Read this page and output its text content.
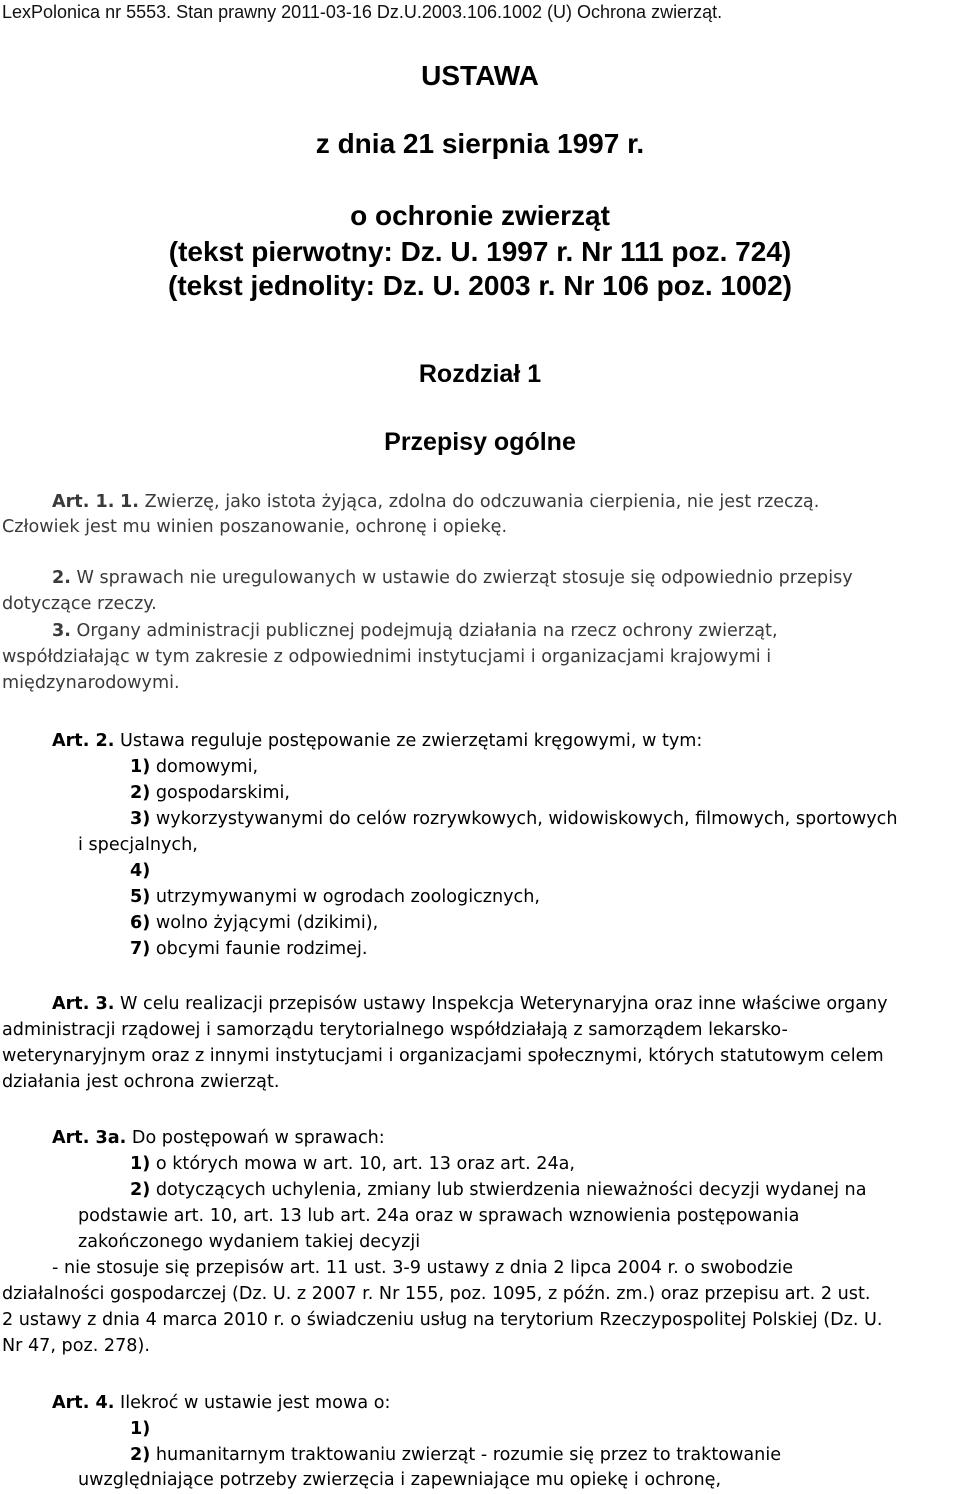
LexPolonica nr 5553. Stan prawny 2011-03-16 Dz.U.2003.106.1002 (U) Ochrona zwierząt.
USTAWA
z dnia 21 sierpnia 1997 r.
o ochronie zwierząt
(tekst pierwotny: Dz. U. 1997 r. Nr 111 poz. 724)
(tekst jednolity: Dz. U. 2003 r. Nr 106 poz. 1002)
Rozdział 1
Przepisy ogólne
Art. 1. 1. Zwierzę, jako istota żyjąca, zdolna do odczuwania cierpienia, nie jest rzeczą.
Człowiek jest mu winien poszanowanie, ochronę i opiekę.
2. W sprawach nie uregulowanych w ustawie do zwierząt stosuje się odpowiednio przepisy
dotyczące rzeczy.
3. Organy administracji publicznej podejmują działania na rzecz ochrony zwierząt,
współdziałając w tym zakresie z odpowiednimi instytucjami i organizacjami krajowymi i
międzynarodowymi.
Art. 2. Ustawa reguluje postępowanie ze zwierzętami kręgowymi, w tym:
1) domowymi,
2) gospodarskimi,
3) wykorzystywanymi do celów rozrywkowych, widowiskowych, filmowych, sportowych
i specjalnych,
4)
5) utrzymywanymi w ogrodach zoologicznych,
6) wolno żyjącymi (dzikimi),
7) obcymi faunie rodzimej.
Art. 3. W celu realizacji przepisów ustawy Inspekcja Weterynaryjna oraz inne właściwe organy
administracji rządowej i samorządu terytorialnego współdziałają z samorządem lekarsko-
weterynaryjnym oraz z innymi instytucjami i organizacjami społecznymi, których statutowym celem
działania jest ochrona zwierząt.
Art. 3a. Do postępowań w sprawach:
1) o których mowa w art. 10, art. 13 oraz art. 24a,
2) dotyczących uchylenia, zmiany lub stwierdzenia nieważności decyzji wydanej na
podstawie art. 10, art. 13 lub art. 24a oraz w sprawach wznowienia postępowania
zakończonego wydaniem takiej decyzji
- nie stosuje się przepisów art. 11 ust. 3-9 ustawy z dnia 2 lipca 2004 r. o swobodzie
działalności gospodarczej (Dz. U. z 2007 r. Nr 155, poz. 1095, z późn. zm.) oraz przepisu art. 2 ust.
2 ustawy z dnia 4 marca 2010 r. o świadczeniu usług na terytorium Rzeczypospolitej Polskiej (Dz. U.
Nr 47, poz. 278).
Art. 4. Ilekroć w ustawie jest mowa o:
1)
2) humanitarnym traktowaniu zwierząt - rozumie się przez to traktowanie
uwzględniające potrzeby zwierzęcia i zapewniające mu opiekę i ochronę,
